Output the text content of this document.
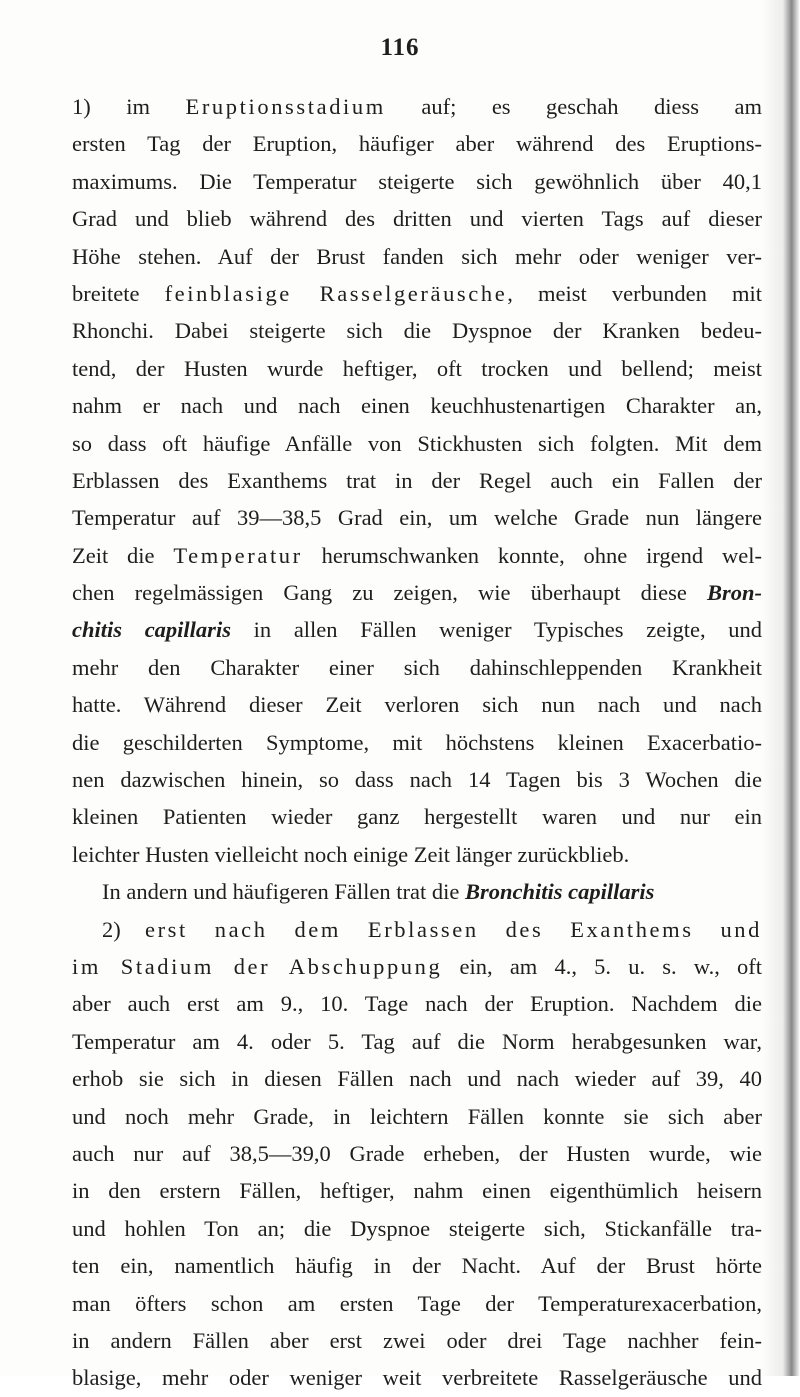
116
1) im Eruptionsstadium auf; es geschah diess am
ersten Tag der Eruption, häufiger aber während des Eruptions-
maximums. Die Temperatur steigerte sich gewöhnlich über 40,1
Grad und blieb während des dritten und vierten Tags auf dieser
Höhe stehen. Auf der Brust fanden sich mehr oder weniger ver-
breitete feinblasige Rasselgeräusche, meist verbunden mit
Rhonchi. Dabei steigerte sich die Dyspnoe der Kranken bedeu-
tend, der Husten wurde heftiger, oft trocken und bellend; meist
nahm er nach und nach einen keuchhustenartigen Charakter an,
so dass oft häufige Anfälle von Stickhusten sich folgten. Mit dem
Erblassen des Exanthems trat in der Regel auch ein Fallen der
Temperatur auf 39—38,5 Grad ein, um welche Grade nun längere
Zeit die Temperatur herumschwanken konnte, ohne irgend wel-
chen regelmässigen Gang zu zeigen, wie überhaupt diese Bron-
chitis capillaris in allen Fällen weniger Typisches zeigte, und
mehr den Charakter einer sich dahinschleppenden Krankheit
hatte. Während dieser Zeit verloren sich nun nach und nach
die geschilderten Symptome, mit höchstens kleinen Exacerbatio-
nen dazwischen hinein, so dass nach 14 Tagen bis 3 Wochen die
kleinen Patienten wieder ganz hergestellt waren und nur ein
leichter Husten vielleicht noch einige Zeit länger zurückblieb.
In andern und häufigeren Fällen trat die Bronchitis capillaris
2) erst nach dem Erblassen des Exanthems und
im Stadium der Abschuppung ein, am 4., 5. u. s. w., oft
aber auch erst am 9., 10. Tage nach der Eruption. Nachdem die
Temperatur am 4. oder 5. Tag auf die Norm herabgesunken war,
erhob sie sich in diesen Fällen nach und nach wieder auf 39, 40
und noch mehr Grade, in leichtern Fällen konnte sie sich aber
auch nur auf 38,5—39,0 Grade erheben, der Husten wurde, wie
in den erstern Fällen, heftiger, nahm einen eigenthümlich heisern
und hohlen Ton an; die Dyspnoe steigerte sich, Stickanfälle tra-
ten ein, namentlich häufig in der Nacht. Auf der Brust hörte
man öfters schon am ersten Tage der Temperaturexacerbation,
in andern Fällen aber erst zwei oder drei Tage nachher fein-
blasige, mehr oder weniger weit verbreitete Rasselgeräusche und
